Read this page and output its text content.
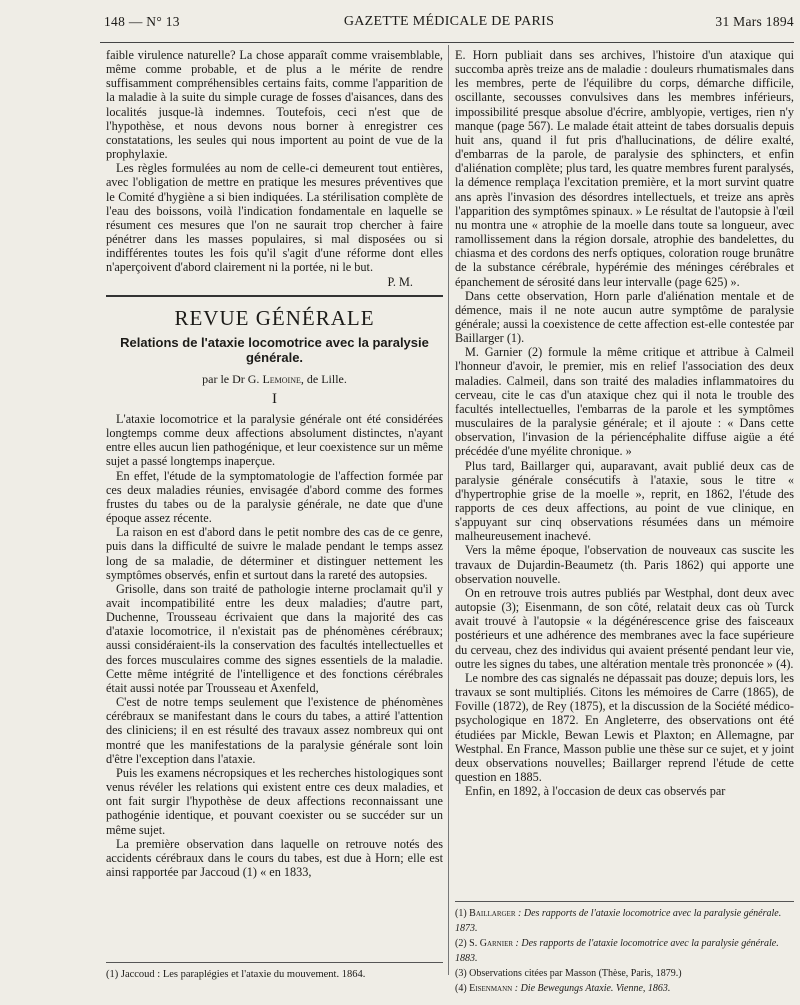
148 — N° 13	GAZETTE MÉDICALE DE PARIS	31 Mars 1894

faible virulence naturelle? La chose apparaît comme vraisemblable, même comme probable, et de plus a le mérite de rendre suffisamment compréhensibles certains faits, comme l'apparition de la maladie à la suite du simple curage de fosses d'aisances, dans des localités jusque-là indemnes. Toutefois, ceci n'est que de l'hypothèse, et nous devons nous borner à enregistrer ces constatations, les seules qui nous importent au point de vue de la prophylaxie.

Les règles formulées au nom de celle-ci demeurent tout entières, avec l'obligation de mettre en pratique les mesures préventives que le Comité d'hygiène a si bien indiquées. La stérilisation complète de l'eau des boissons, voilà l'indication fondamentale en laquelle se résument ces mesures que l'on ne saurait trop chercher à faire pénétrer dans les masses populaires, si mal disposées ou si indifférentes toutes les fois qu'il s'agit d'une réforme dont elles n'aperçoivent d'abord clairement ni la portée, ni le but.

P. M.

REVUE GÉNÉRALE
Relations de l'ataxie locomotrice avec la paralysie générale.
par le Dr G. Lemoine, de Lille.
I

L'ataxie locomotrice et la paralysie générale ont été considérées longtemps comme deux affections absolument distinctes, n'ayant entre elles aucun lien pathogénique, et leur coexistence sur un même sujet a passé longtemps inaperçue.

En effet, l'étude de la symptomatologie de l'affection formée par ces deux maladies réunies, envisagée d'abord comme des formes frustes du tabes ou de la paralysie générale, ne date que d'une époque assez récente.

La raison en est d'abord dans le petit nombre des cas de ce genre, puis dans la difficulté de suivre le malade pendant le temps assez long de sa maladie, de déterminer et distinguer nettement les symptômes observés, enfin et surtout dans la rareté des autopsies.

Grisolle, dans son traité de pathologie interne proclamait qu'il y avait incompatibilité entre les deux maladies; d'autre part, Duchenne, Trousseau écrivaient que dans la majorité des cas d'ataxie locomotrice, il n'existait pas de phénomènes cérébraux; aussi considéraient-ils la conservation des facultés intellectuelles et des forces musculaires comme des signes essentiels de la maladie. Cette même intégrité de l'intelligence et des fonctions cérébrales était aussi notée par Trousseau et Axenfeld,

C'est de notre temps seulement que l'existence de phénomènes cérébraux se manifestant dans le cours du tabes, a attiré l'attention des cliniciens; il en est résulté des travaux assez nombreux qui ont montré que les manifestations de la paralysie générale sont loin d'être l'exception dans l'ataxie.

Puis les examens nécropsiques et les recherches histologiques sont venus révéler les relations qui existent entre ces deux maladies, et ont fait surgir l'hypothèse de deux affections reconnaissant une pathogénie identique, et pouvant coexister ou se succéder sur un même sujet.

La première observation dans laquelle on retrouve notés des accidents cérébraux dans le cours du tabes, est due à Horn; elle est ainsi rapportée par Jaccoud (1) « en 1833,

(1) Jaccoud : Les paraplégies et l'ataxie du mouvement. 1864.

E. Horn publiait dans ses archives, l'histoire d'un ataxique qui succomba après treize ans de maladie : douleurs rhumatismales dans les membres, perte de l'équilibre du corps, démarche difficile, oscillante, secousses convulsives dans les membres inférieurs, impossibilité presque absolue d'écrire, amblyopie, vertiges, rien n'y manque (page 567). Le malade était atteint de tabes dorsualis depuis huit ans, quand il fut pris d'hallucinations, de délire exalté, d'embarras de la parole, de paralysie des sphincters, et enfin d'aliénation complète; plus tard, les quatre membres furent paralysés, la démence remplaça l'excitation première, et la mort survint quatre ans après l'invasion des désordres intellectuels, et treize ans après l'apparition des symptômes spinaux. » Le résultat de l'autopsie à l'œil nu montra une « atrophie de la moelle dans toute sa longueur, avec ramollissement dans la région dorsale, atrophie des bandelettes, du chiasma et des cordons des nerfs optiques, coloration rouge brunâtre de la substance cérébrale, hypérémie des méninges cérébrales et épanchement de sérosité dans leur intervalle (page 625) ».

Dans cette observation, Horn parle d'aliénation mentale et de démence, mais il ne note aucun autre symptôme de paralysie générale; aussi la coexistence de cette affection est-elle contestée par Baillarger (1).

M. Garnier (2) formule la même critique et attribue à Calmeil l'honneur d'avoir, le premier, mis en relief l'association des deux maladies. Calmeil, dans son traité des maladies inflammatoires du cerveau, cite le cas d'un ataxique chez qui il nota le trouble des facultés intellectuelles, l'embarras de la parole et les symptômes musculaires de la paralysie générale; et il ajoute : « Dans cette observation, l'invasion de la périencéphalite diffuse aigüe a été précédée d'une myélite chronique. »

Plus tard, Baillarger qui, auparavant, avait publié deux cas de paralysie générale consécutifs à l'ataxie, sous le titre « d'hypertrophie grise de la moelle », reprit, en 1862, l'étude des rapports de ces deux affections, au point de vue clinique, en s'appuyant sur cinq observations résumées dans un mémoire malheureusement inachevé.

Vers la même époque, l'observation de nouveaux cas suscite les travaux de Dujardin-Beaumetz (th. Paris 1862) qui apporte une observation nouvelle.

On en retrouve trois autres publiés par Westphal, dont deux avec autopsie (3); Eisenmann, de son côté, relatait deux cas où Turck avait trouvé à l'autopsie « la dégénérescence grise des faisceaux postérieurs et une adhérence des membranes avec la face supérieure du cerveau, chez des individus qui avaient présenté pendant leur vie, outre les signes du tabes, une altération mentale très prononcée » (4).

Le nombre des cas signalés ne dépassait pas douze; depuis lors, les travaux se sont multipliés. Citons les mémoires de Carre (1865), de Foville (1872), de Rey (1875), et la discussion de la Société médico-psychologique en 1872. En Angleterre, des observations ont été étudiées par Mickle, Bewan Lewis et Plaxton; en Allemagne, par Westphal. En France, Masson publie une thèse sur ce sujet, et y joint deux observations nouvelles; Baillarger reprend l'étude de cette question en 1885.

Enfin, en 1892, à l'occasion de deux cas observés par

(1) Baillarger : Des rapports de l'ataxie locomotrice avec la paralysie générale. 1873.

(2) S. Garnier : Des rapports de l'ataxie locomotrice avec la paralysie générale. 1883.

(3) Observations citées par Masson (Thèse, Paris, 1879.)

(4) Eisenmann : Die Bewegungs Ataxie. Vienne, 1863.
